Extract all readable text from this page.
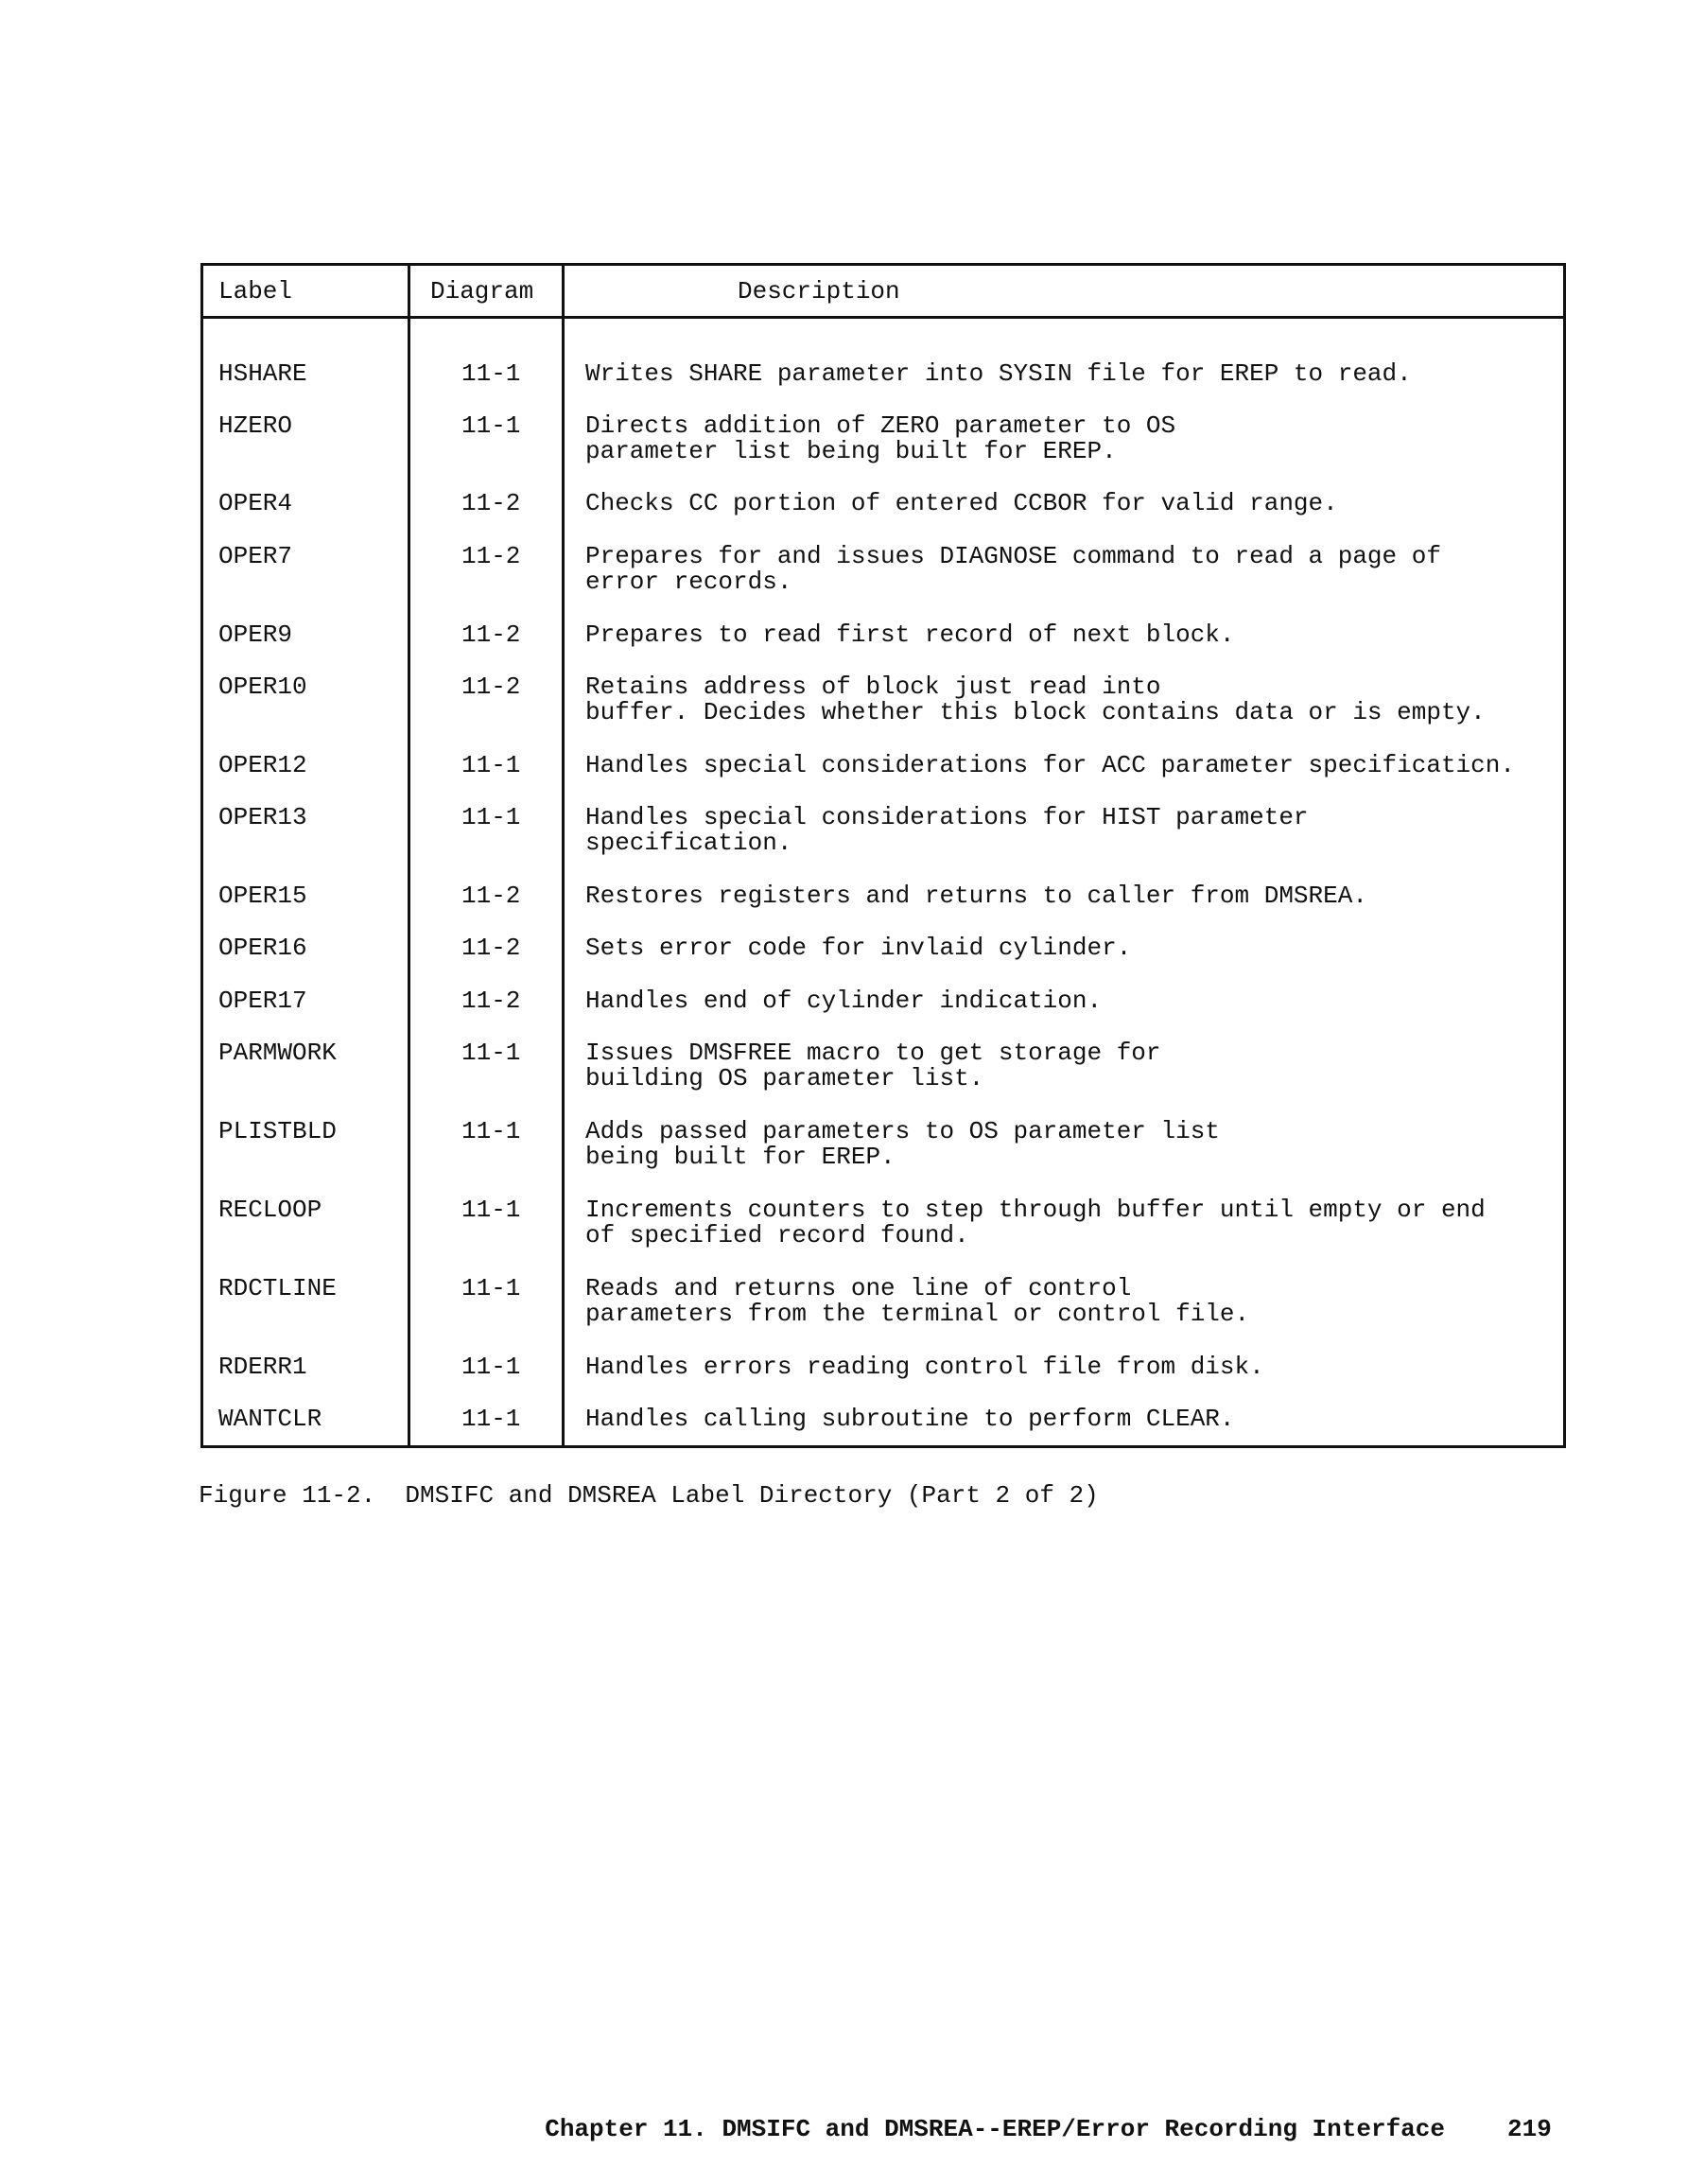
Label	Diagram	Description
HSHARE	11-1	Writes SHARE parameter into SYSIN file for EREP to read.
HZERO	11-1	Directs addition of ZERO parameter to OS
parameter list being built for EREP.
OPER4	11-2	Checks CC portion of entered CCBOR for valid range.
OPER7	11-2	Prepares for and issues DIAGNOSE command to read a page of
error records.
OPER9	11-2	Prepares to read first record of next block.
OPER10	11-2	Retains address of block just read into
buffer. Decides whether this block contains data or is empty.
OPER12	11-1	Handles special considerations for ACC parameter specificaticn.
OPER13	11-1	Handles special considerations for HIST parameter
specification.
OPER15	11-2	Restores registers and returns to caller from DMSREA.
OPER16	11-2	Sets error code for invlaid cylinder.
OPER17	11-2	Handles end of cylinder indication.
PARMWORK	11-1	Issues DMSFREE macro to get storage for
building OS parameter list.
PLISTBLD	11-1	Adds passed parameters to OS parameter list
being built for EREP.
RECLOOP	11-1	Increments counters to step through buffer until empty or end
of specified record found.
RDCTLINE	11-1	Reads and returns one line of control
parameters from the terminal or control file.
RDERR1	11-1	Handles errors reading control file from disk.
WANTCLR	11-1	Handles calling subroutine to perform CLEAR.
Figure 11-2.  DMSIFC and DMSREA Label Directory (Part 2 of 2)

Chapter 11. DMSIFC and DMSREA--EREP/Error Recording Interface	219
